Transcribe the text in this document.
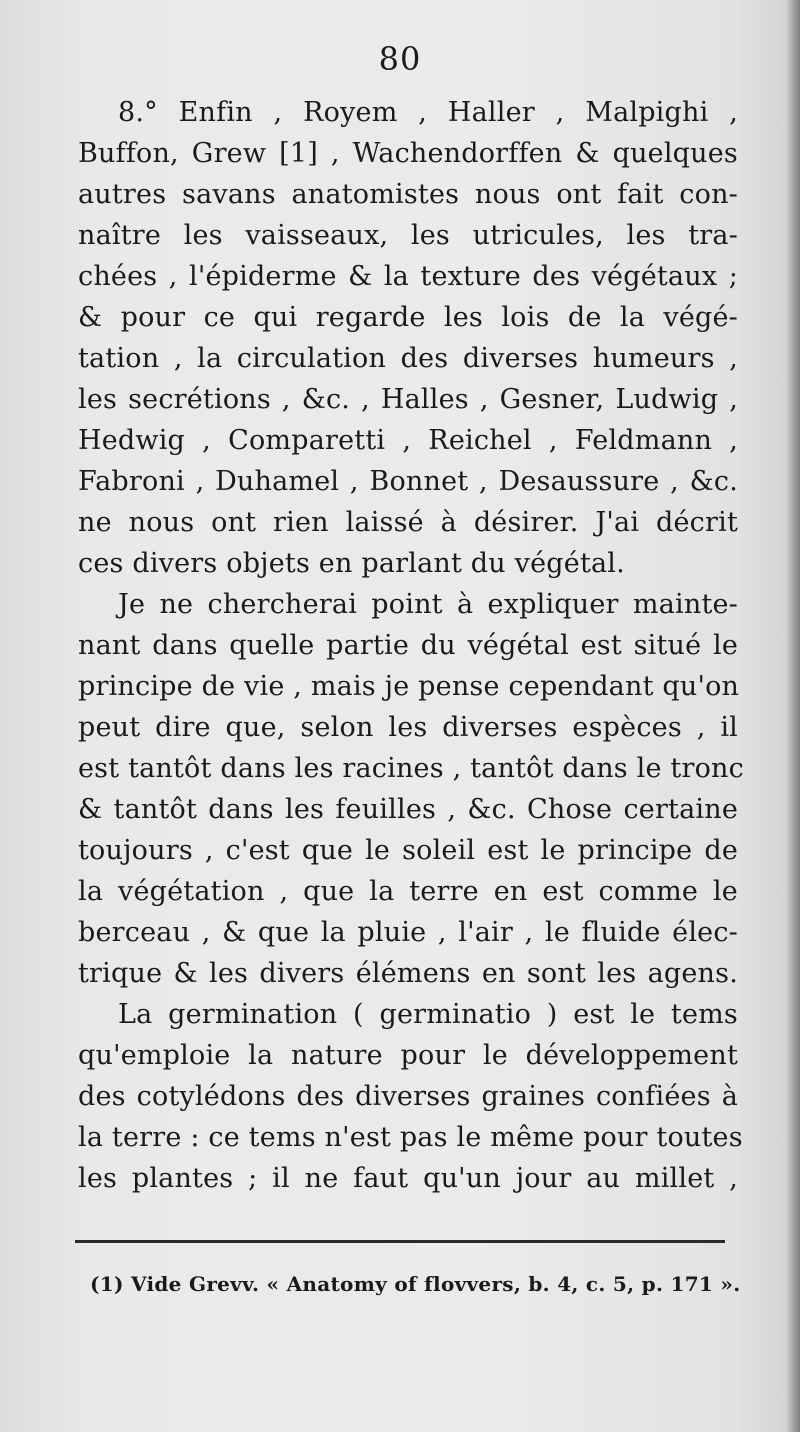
80
8.° Enfin , Royem , Haller , Malpighi ,
Buffon, Grew [1] , Wachendorffen & quelques
autres savans anatomistes nous ont fait con-
naître les vaisseaux, les utricules, les tra-
chées , l'épiderme & la texture des végétaux ;
& pour ce qui regarde les lois de la végé-
tation , la circulation des diverses humeurs ,
les secrétions , &c. , Halles , Gesner, Ludwig ,
Hedwig , Comparetti , Reichel , Feldmann ,
Fabroni , Duhamel , Bonnet , Desaussure , &c.
ne nous ont rien laissé à désirer. J'ai décrit
ces divers objets en parlant du végétal.
Je ne chercherai point à expliquer mainte-
nant dans quelle partie du végétal est situé le
principe de vie , mais je pense cependant qu'on
peut dire que, selon les diverses espèces , il
est tantôt dans les racines , tantôt dans le tronc
& tantôt dans les feuilles , &c. Chose certaine
toujours , c'est que le soleil est le principe de
la végétation , que la terre en est comme le
berceau , & que la pluie , l'air , le fluide élec-
trique & les divers élémens en sont les agens.
La germination ( germinatio ) est le tems
qu'emploie la nature pour le développement
des cotylédons des diverses graines confiées à
la terre : ce tems n'est pas le même pour toutes
les plantes ; il ne faut qu'un jour au millet ,
(1) Vide Grevv. « Anatomy of flovvers, b. 4, c. 5, p. 171 ».
